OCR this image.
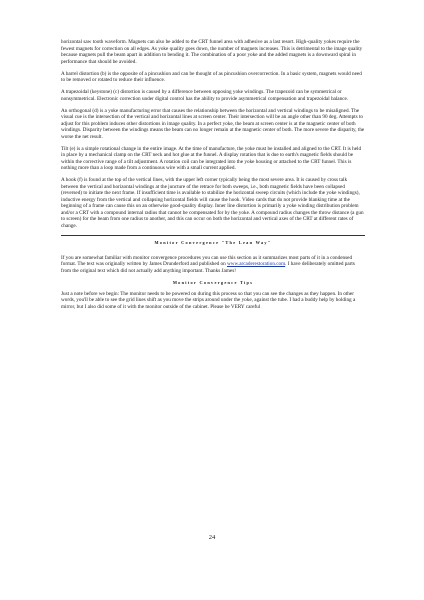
horizontal saw tooth waveform. Magnets can also be added to the CRT funnel area with adhesive as a last resort. High-quality yokes require the fewest magnets for correction on all edges. As yoke quality goes down, the number of magnets increases. This is detrimental to the image quality because magnets pull the beam apart in addition to bending it. The combination of a poor yoke and the added magnets is a downward spiral in performance that should be avoided.

A barrel distortion (b) is the opposite of a pincushion and can be thought of as pincushion overcorrection. In a basic system, magnets would need to be removed or rotated to reduce their influence.

A trapezoidal (keystone) (c) distortion is caused by a difference between opposing yoke windings. The trapezoid can be symmetrical or nonsymmetrical. Electronic correction under digital control has the ability to provide asymmetrical compensation and trapezoidal balance.

An orthogonal (d) is a yoke manufacturing error that causes the relationship between the horizontal and vertical windings to be misaligned. The visual cue is the intersection of the vertical and horizontal lines at screen center. Their intersection will be an angle other than 90 deg. Attempts to adjust for this problem induces other distortions in image quality. In a perfect yoke, the beam at screen center is at the magnetic center of both windings. Disparity between the windings means the beam can no longer remain at the magnetic center of both. The more severe the disparity, the worse the net result.

Tilt (e) is a simple rotational change in the entire image. At the time of manufacture, the yoke must be installed and aligned to the CRT. It is held in place by a mechanical clamp on the CRT neck and hot glue at the funnel. A display rotation that is due to earth's magnetic fields should be within the corrective range of a tilt adjustment. A rotation coil can be integrated into the yoke housing or attached to the CRT funnel. This is nothing more than a loop made from a continuous wire with a small current applied.

A hook (f) is found at the top of the vertical lines, with the upper left corner typically being the most severe area. It is caused by cross talk between the vertical and horizontal windings at the juncture of the retrace for both sweeps, i.e., both magnetic fields have been collapsed (reversed) to initiate the next frame. If insufficient time is available to stabilize the horizontal sweep circuits (which include the yoke windings), inductive energy from the vertical and collapsing horizontal fields will cause the hook. Video cards that do not provide blanking time at the beginning of a frame can cause this on an otherwise good-quality display. Inner line distortion is primarily a yoke winding distribution problem and/or a CRT with a compound internal radius that cannot be compensated for by the yoke. A compound radius changes the throw distance (a gun to screen) for the beam from one radius to another, and this can occur on both the horizontal and vertical axes of the CRT at different rates of change.

Monitor Convergence "The Lean Way"

If you are somewhat familiar with monitor convergence procedures you can use this section as it summarizes most parts of it in a condensed format. The text was originally written by James Drunderford and published on www.arcaderestoration.com. I have deliberately omitted parts from the original text which did not actually add anything important. Thanks James!

Monitor Convergence Tips

Just a note before we begin: The monitor needs to be powered on during this process so that you can see the changes as they happen. In other words, you'll be able to see the grid lines shift as you move the strips around under the yoke, against the tube. I had a buddy help by holding a mirror, but I also did some of it with the monitor outside of the cabinet. Please be VERY careful

24
